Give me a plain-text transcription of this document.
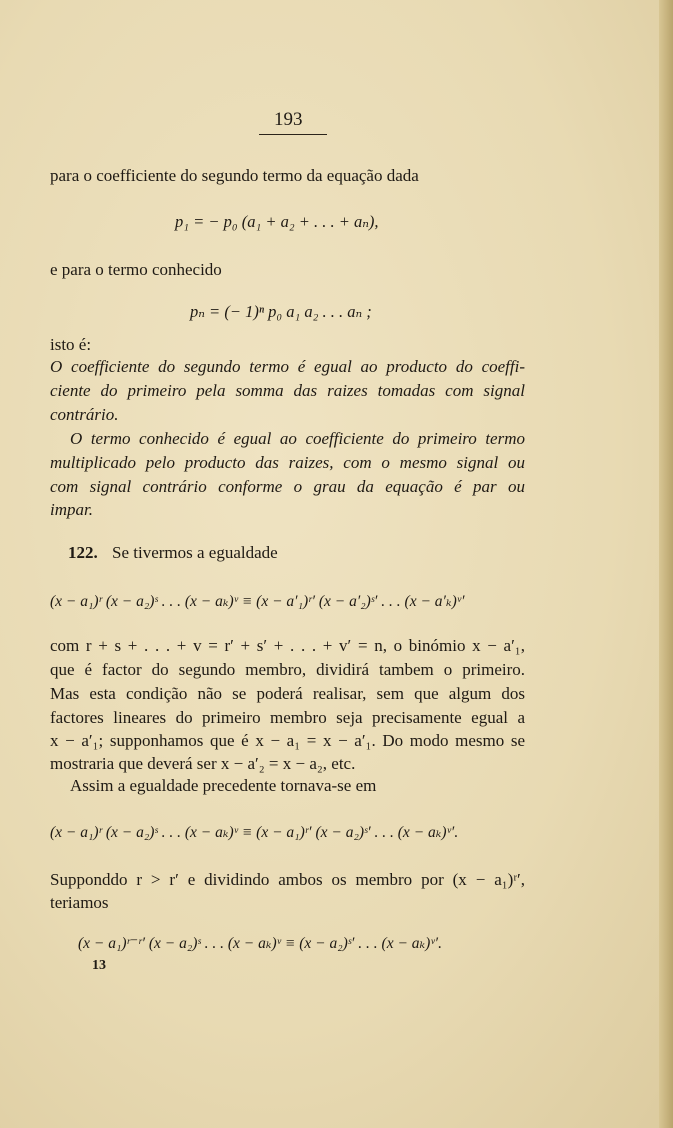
193
para o coefficiente do segundo termo da equação dada
p₁ = − p₀ (a₁ + a₂ + . . . + aₙ),
e para o termo conhecido
pₙ = (− 1)ⁿ p₀ a₁ a₂ . . . aₙ ;
isto é:
O coefficiente do segundo termo é egual ao producto do coeffi-
ciente do primeiro pela somma das raizes tomadas com signal
contrário.
O termo conhecido é egual ao coefficiente do primeiro termo
multiplicado pelo producto das raizes, com o mesmo signal ou
com signal contrário conforme o grau da equação é par ou
impar.
122. Se tivermos a egualdade
(x − a₁)ʳ (x − a₂)ˢ . . . (x − aₖ)ᵛ ≡ (x − a′₁)ʳ′ (x − a′₂)ˢ′ . . . (x − a′ₖ)ᵛ′
com r + s + . . . + v = r′ + s′ + . . . + v′ = n, o binómio x − a′₁,
que é factor do segundo membro, dividirá tambem o primeiro.
Mas esta condição não se poderá realisar, sem que algum dos
factores lineares do primeiro membro seja precisamente egual a
x − a′₁; supponhamos que é x − a₁ = x − a′₁. Do modo mesmo se
mostraria que deverá ser x − a′₂ = x − a₂, etc.
Assim a egualdade precedente tornava-se em
(x − a₁)ʳ (x − a₂)ˢ . . . (x − aₖ)ᵛ ≡ (x − a₁)ʳ′ (x − a₂)ˢ′ . . . (x − aₖ)ᵛ′.
Supponddo r > r′ e dividindo ambos os membro por (x − a₁)ʳ′,
teriamos
(x − a₁)ʳ⁻ʳ′ (x − a₂)ˢ . . . (x − aₖ)ᵛ ≡ (x − a₂)ˢ′ . . . (x − aₖ)ᵛ′.
13
